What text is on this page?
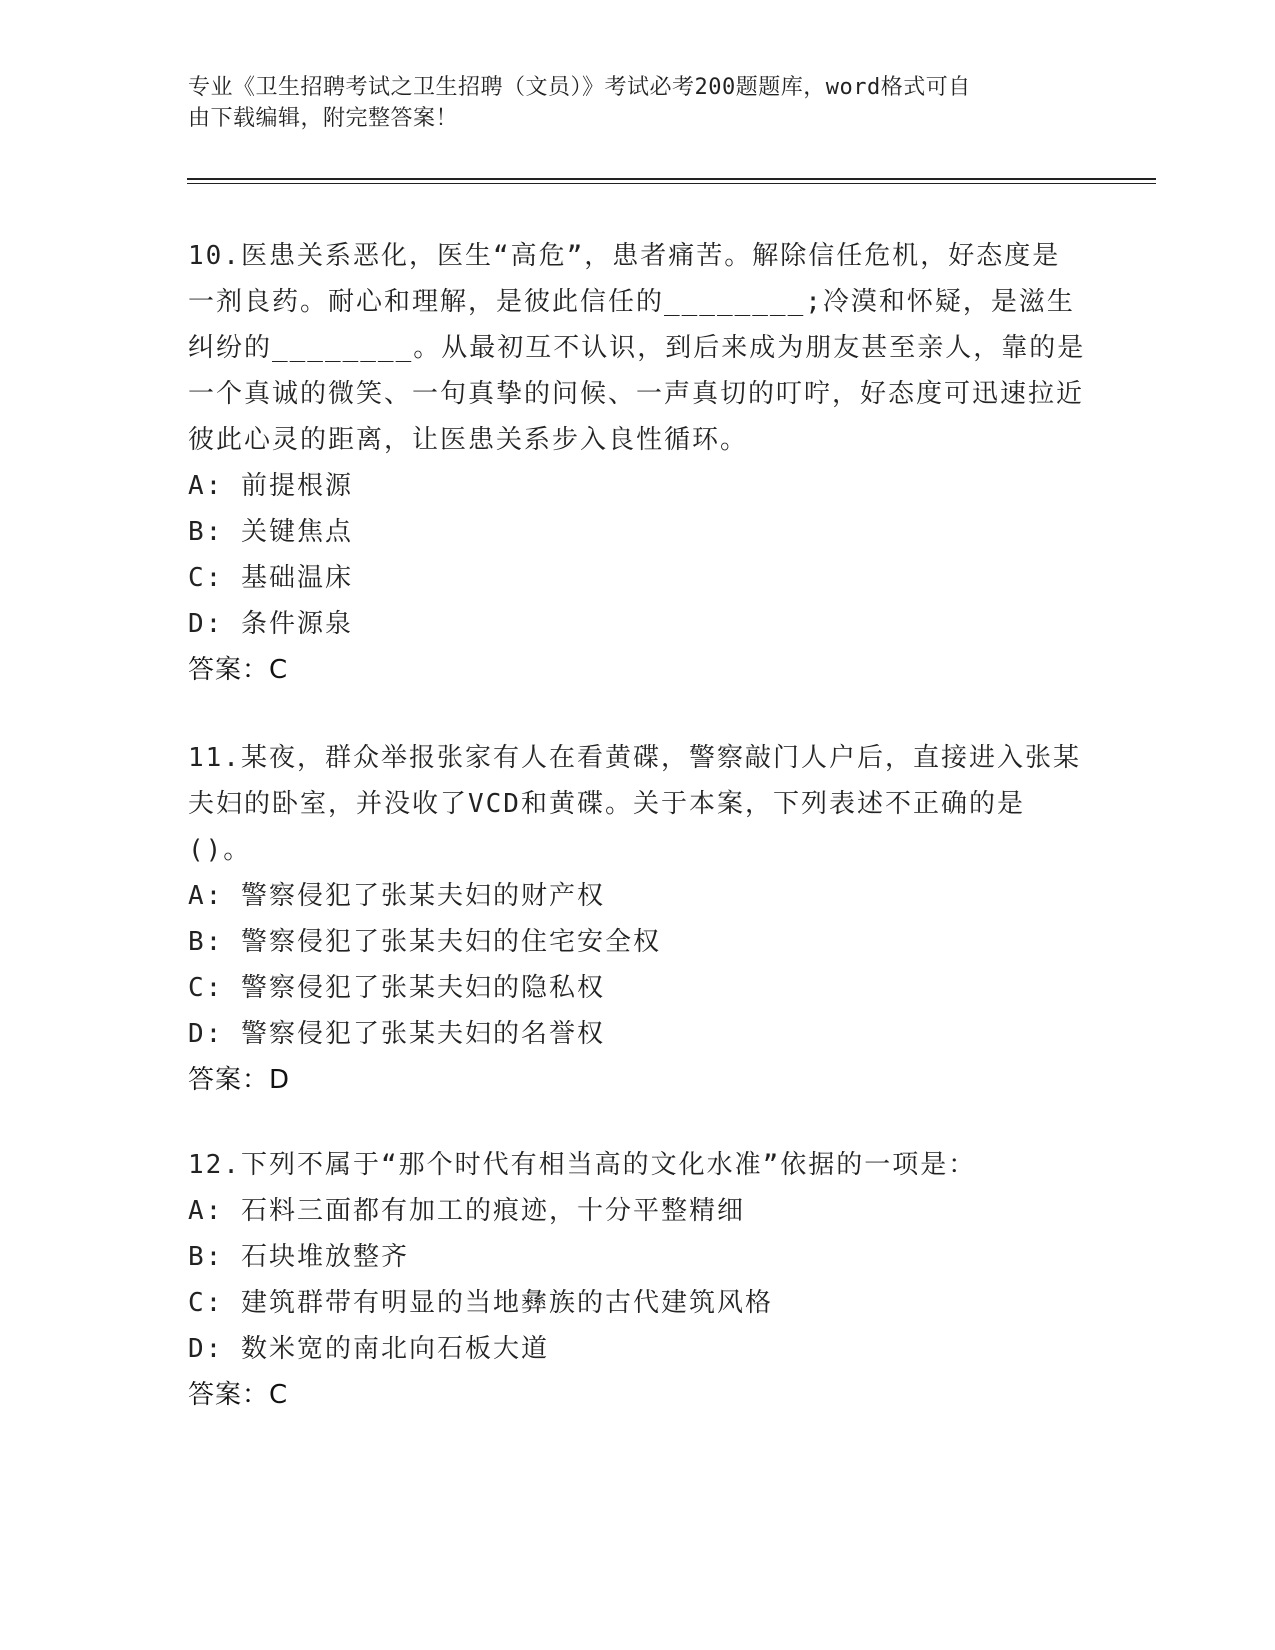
专业《卫生招聘考试之卫生招聘（文员）》考试必考200题题库，word格式可自
由下载编辑，附完整答案！

10.医患关系恶化，医生“高危”，患者痛苦。解除信任危机，好态度是一剂良药。耐心和理解，是彼此信任的________;冷漠和怀疑，是滋生纠纷的________。从最初互不认识，到后来成为朋友甚至亲人，靠的是一个真诚的微笑、一句真挚的问候、一声真切的叮咛，好态度可迅速拉近彼此心灵的距离，让医患关系步入良性循环。

A: 前提根源

B: 关键焦点

C: 基础温床

D: 条件源泉

答案：C

11.某夜，群众举报张家有人在看黄碟，警察敲门人户后，直接进入张某夫妇的卧室，并没收了VCD和黄碟。关于本案，下列表述不正确的是()。

A: 警察侵犯了张某夫妇的财产权

B: 警察侵犯了张某夫妇的住宅安全权

C: 警察侵犯了张某夫妇的隐私权

D: 警察侵犯了张某夫妇的名誉权

答案：D

12.下列不属于“那个时代有相当高的文化水准”依据的一项是：

A: 石料三面都有加工的痕迹，十分平整精细

B: 石块堆放整齐

C: 建筑群带有明显的当地彝族的古代建筑风格

D: 数米宽的南北向石板大道

答案：C
